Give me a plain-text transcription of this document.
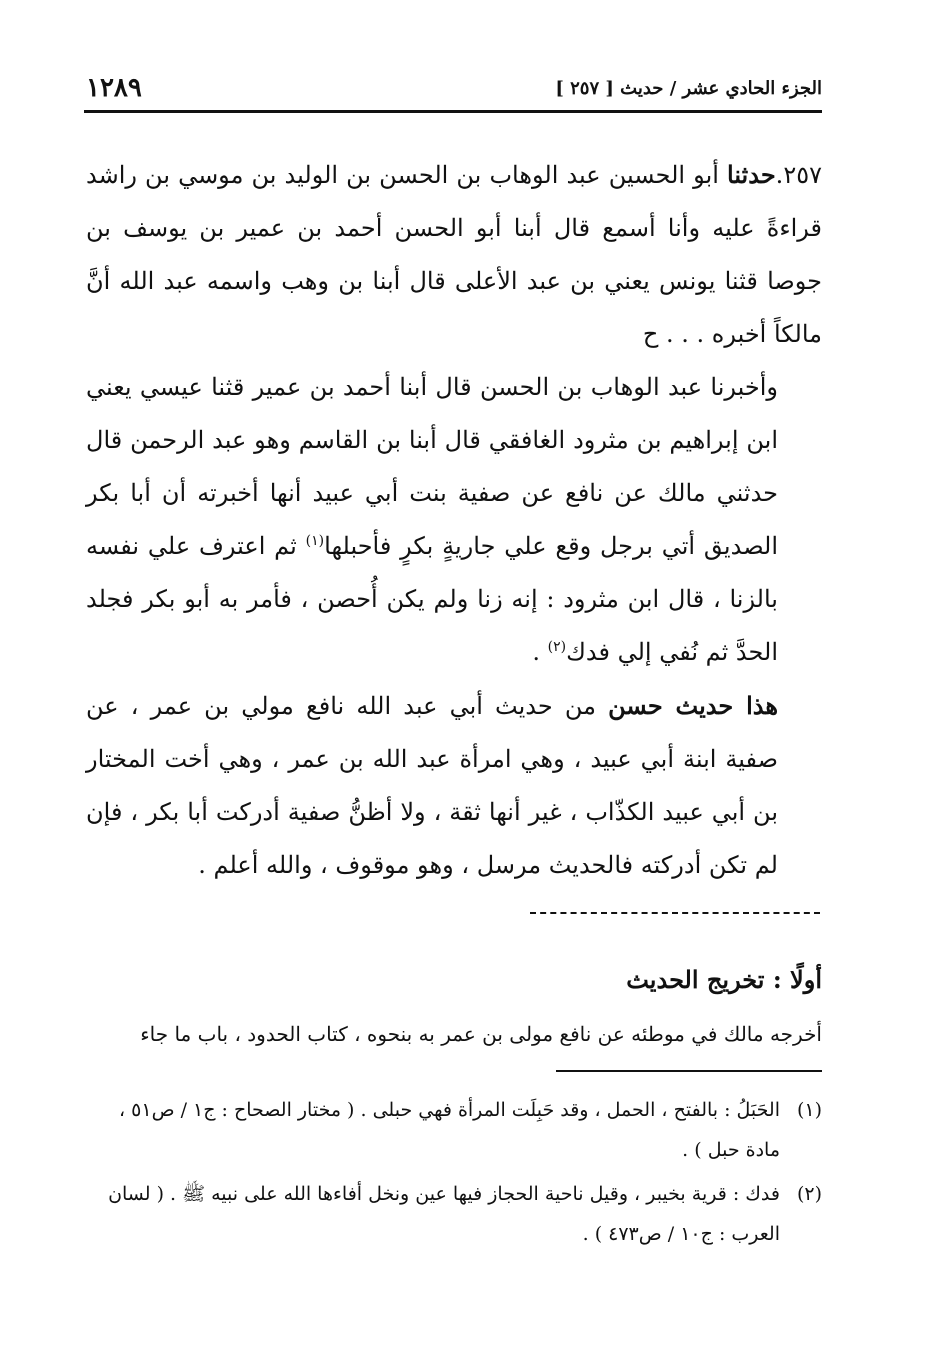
الجزء الحادي عشر / حديث [ ٢٥٧ ]
١٢٨٩

٢٥٧.حدثنا أبو الحسين عبد الوهاب بن الحسن بن الوليد بن موسي بن راشد قراءةً عليه وأنا أسمع قال أبنا أبو الحسن أحمد بن عمير بن يوسف بن جوصا قثنا يونس يعني بن عبد الأعلى قال أبنا بن وهب واسمه عبد الله أنَّ مالكاً أخبره . . . ح

وأخبرنا عبد الوهاب بن الحسن قال أبنا أحمد بن عمير قثنا عيسي يعني ابن إبراهيم بن مثرود الغافقي قال أبنا بن القاسم وهو عبد الرحمن قال حدثني مالك عن نافع عن صفية بنت أبي عبيد أنها أخبرته أن أبا بكر الصديق أتي برجل وقع علي جاريةٍ بكرٍ فأحبلها$^{(١)}$ ثم اعترف علي نفسه بالزنا ، قال ابن مثرود : إنه زنا ولم يكن أُحصن ، فأمر به أبو بكر فجلد الحدَّ ثم نُفي إلي فدك$^{(٢)}$ .

هذا حديث حسن من حديث أبي عبد الله نافع مولي بن عمر ، عن صفية ابنة أبي عبيد ، وهي امرأة عبد الله بن عمر ، وهي أخت المختار بن أبي عبيد الكذّاب ، غير أنها ثقة ، ولا أظنُّ صفية أدركت أبا بكر ، فإن لم تكن أدركته فالحديث مرسل ، وهو موقوف ، والله أعلم .

أولًا : تخريج الحديث
أخرجه مالك في موطئه عن نافع مولى بن عمر به بنحوه ، كتاب الحدود ، باب ما جاء
(١)
الحَبَلُ : بالفتح ، الحمل ، وقد حَبِلَت المرأة فهي حبلى . ( مختار الصحاح : ج١ / ص٥١ ، مادة حبل ) .
(٢)
فدك : قرية بخيبر ، وقيل ناحية الحجاز فيها عين ونخل أفاءها الله على نبيه ﷺ . ( لسان العرب : ج١٠ / ص٤٧٣ ) .
